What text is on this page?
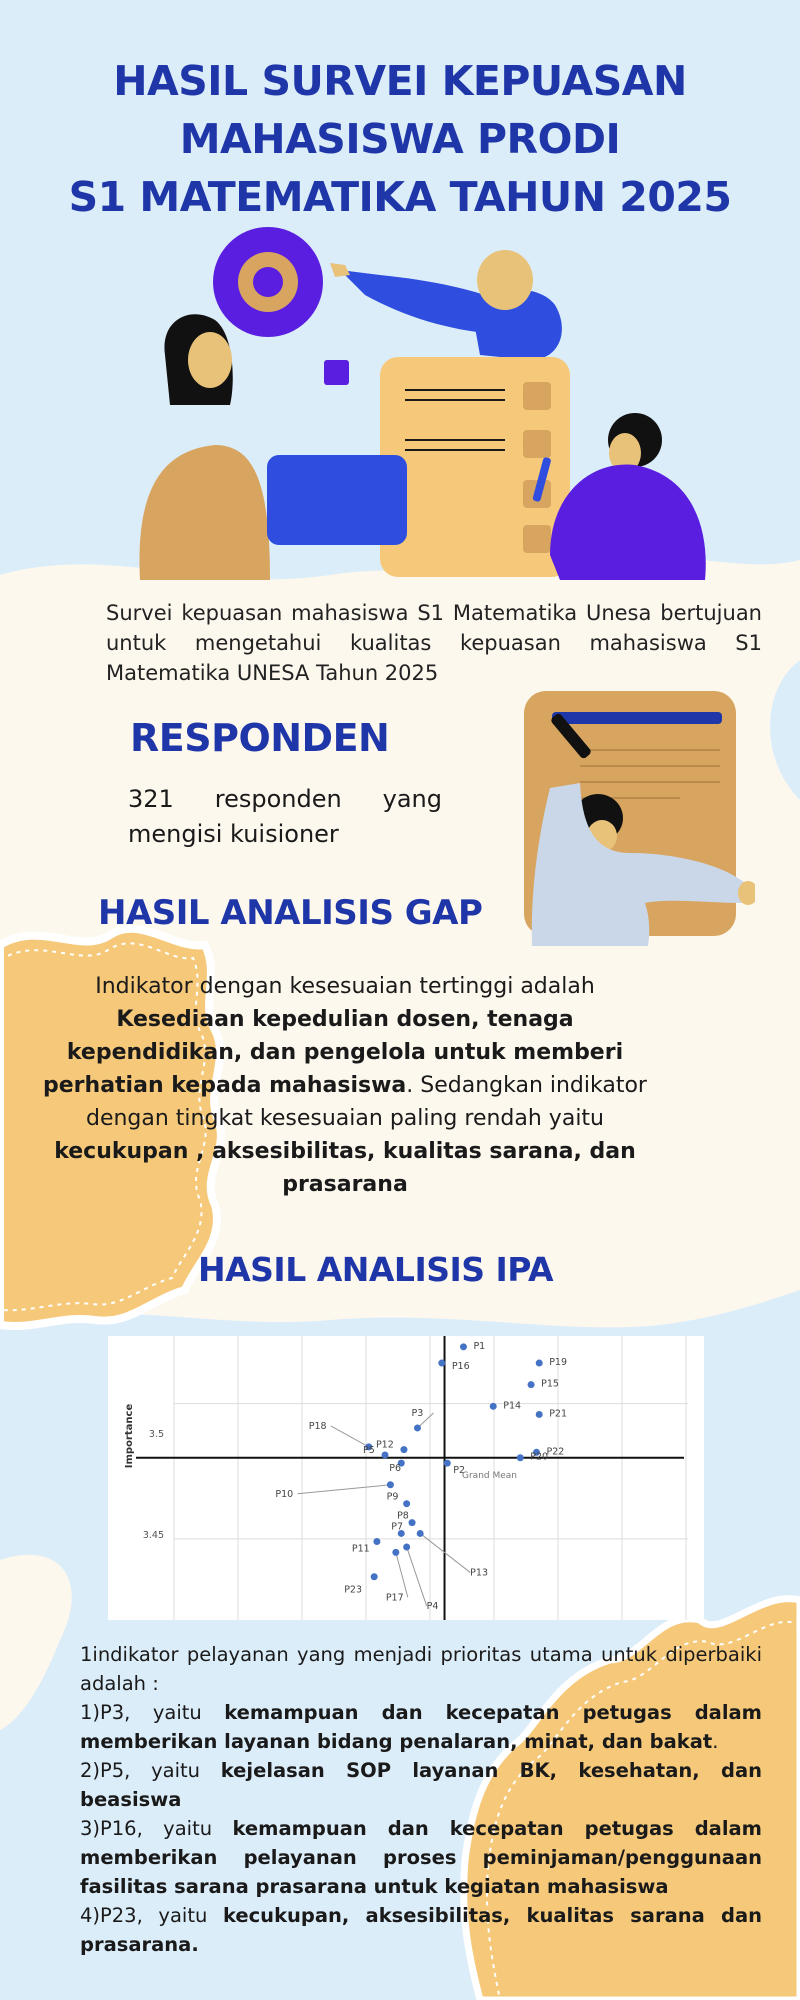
HASIL SURVEI KEPUASAN
MAHASISWA PRODI
S1 MATEMATIKA TAHUN 2025

Survei kepuasan mahasiswa S1 Matematika Unesa bertujuan untuk mengetahui kualitas kepuasan mahasiswa S1 Matematika UNESA Tahun 2025

RESPONDEN

321 responden yang mengisi kuisioner

HASIL ANALISIS GAP

Indikator dengan kesesuaian tertinggi adalah Kesediaan kepedulian dosen, tenaga kependidikan, dan pengelola untuk memberi perhatian kepada mahasiswa. Sedangkan indikator dengan tingkat kesesuaian paling rendah yaitu kecukupan , aksesibilitas, kualitas sarana, dan prasarana

HASIL ANALISIS IPA
Importance 3.5
3.45
P1
P16	P19
P15
P14
P21
P3
P18
P12
P5
P6	P2
P22
P20
P10	P9
P8
P7
P11
P23
P13
P17
P4
Grand Mean

1indikator pelayanan yang menjadi prioritas utama untuk diperbaiki adalah :

1)P3, yaitu kemampuan dan kecepatan petugas dalam memberikan layanan bidang penalaran, minat, dan bakat.

2)P5, yaitu kejelasan SOP layanan BK, kesehatan, dan beasiswa

3)P16, yaitu kemampuan dan kecepatan petugas dalam memberikan pelayanan proses peminjaman/penggunaan fasilitas sarana prasarana untuk kegiatan mahasiswa

4)P23, yaitu kecukupan, aksesibilitas, kualitas sarana dan prasarana.
